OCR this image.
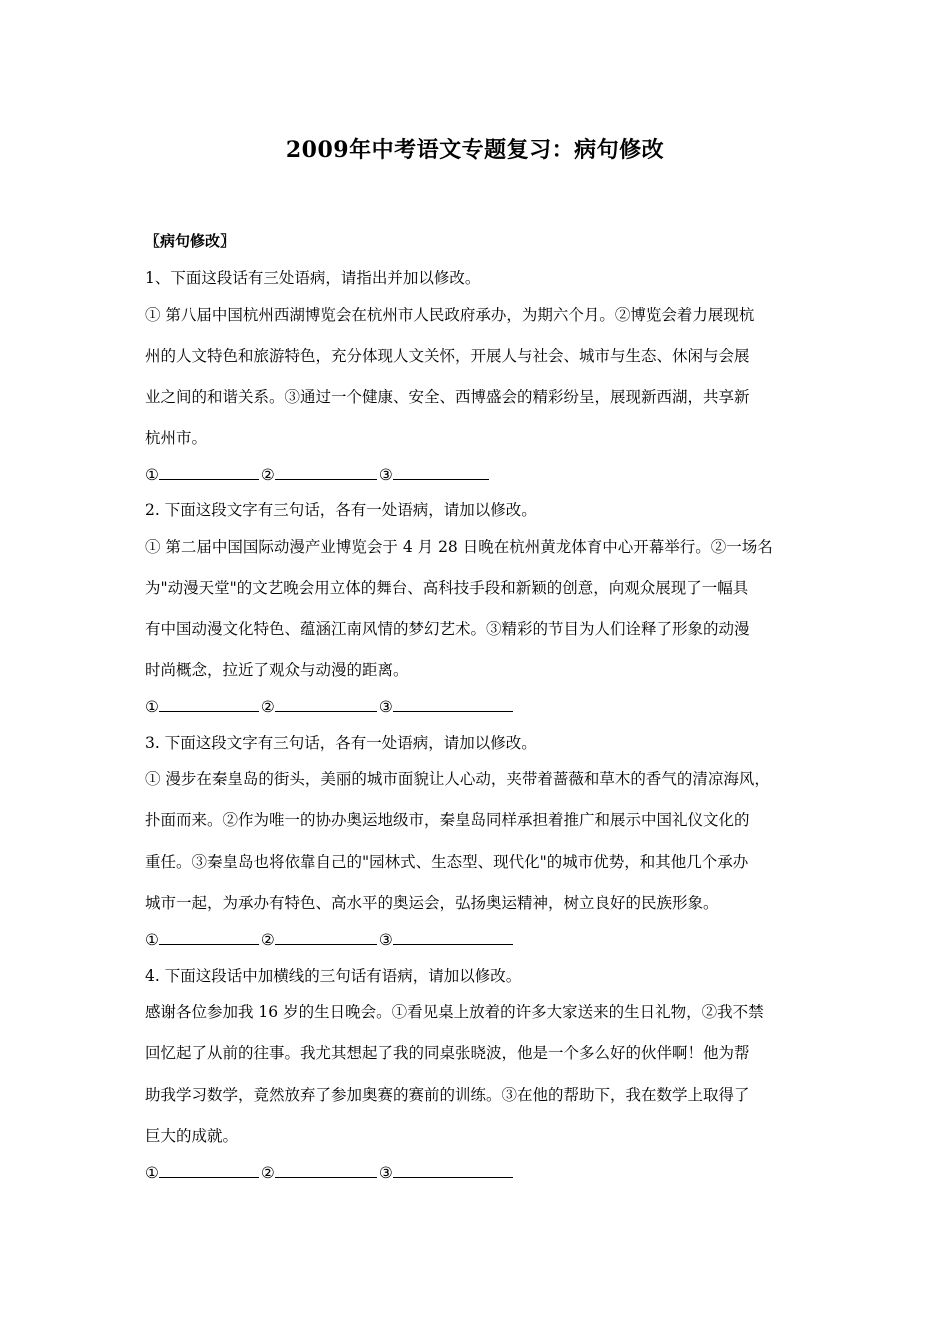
2009年中考语文专题复习：病句修改
〖病句修改〗
1、下面这段话有三处语病，请指出并加以修改。
① 第八届中国杭州西湖博览会在杭州市人民政府承办，为期六个月。②博览会着力展现杭
州的人文特色和旅游特色，充分体现人文关怀，开展人与社会、城市与生态、休闲与会展
业之间的和谐关系。③通过一个健康、安全、西博盛会的精彩纷呈，展现新西湖，共享新
杭州市。
①	②	③
2. 下面这段文字有三句话，各有一处语病，请加以修改。
① 第二届中国国际动漫产业博览会于 4 月 28 日晚在杭州黄龙体育中心开幕举行。②一场名
为"动漫天堂"的文艺晚会用立体的舞台、高科技手段和新颖的创意，向观众展现了一幅具
有中国动漫文化特色、蕴涵江南风情的梦幻艺术。③精彩的节目为人们诠释了形象的动漫
时尚概念，拉近了观众与动漫的距离。
①	②	③
3. 下面这段文字有三句话，各有一处语病，请加以修改。
① 漫步在秦皇岛的街头，美丽的城市面貌让人心动，夹带着蔷薇和草木的香气的清凉海风，
扑面而来。②作为唯一的协办奥运地级市，秦皇岛同样承担着推广和展示中国礼仪文化的
重任。③秦皇岛也将依靠自己的"园林式、生态型、现代化"的城市优势，和其他几个承办
城市一起，为承办有特色、高水平的奥运会，弘扬奥运精神，树立良好的民族形象。
①	②	③
4. 下面这段话中加横线的三句话有语病，请加以修改。
感谢各位参加我 16 岁的生日晚会。①看见桌上放着的许多大家送来的生日礼物，②我不禁
回忆起了从前的往事。我尤其想起了我的同桌张晓波，他是一个多么好的伙伴啊！他为帮
助我学习数学，竟然放弃了参加奥赛的赛前的训练。③在他的帮助下，我在数学上取得了
巨大的成就。
①	②	③
